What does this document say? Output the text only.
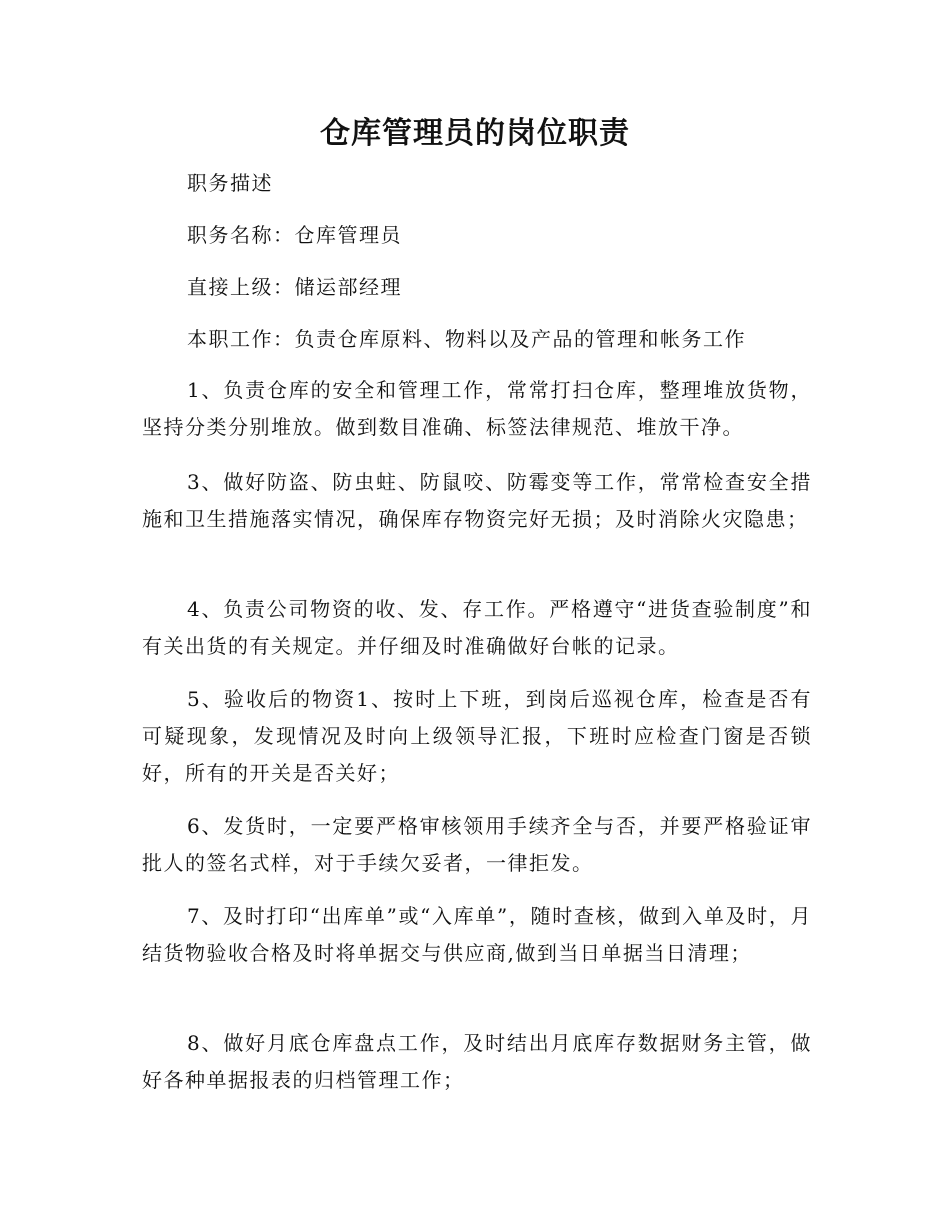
仓库管理员的岗位职责

职务描述

职务名称：仓库管理员

直接上级：储运部经理

本职工作：负责仓库原料、物料以及产品的管理和帐务工作

1、负责仓库的安全和管理工作，常常打扫仓库，整理堆放货物，坚持分类分别堆放。做到数目准确、标签法律规范、堆放干净。

3、做好防盗、防虫蛀、防鼠咬、防霉变等工作，常常检查安全措施和卫生措施落实情况，确保库存物资完好无损；及时消除火灾隐患；

4、负责公司物资的收、发、存工作。严格遵守“进货查验制度”和有关出货的有关规定。并仔细及时准确做好台帐的记录。

5、验收后的物资1、按时上下班，到岗后巡视仓库，检查是否有可疑现象，发现情况及时向上级领导汇报，下班时应检查门窗是否锁好，所有的开关是否关好；

6、发货时，一定要严格审核领用手续齐全与否，并要严格验证审批人的签名式样，对于手续欠妥者，一律拒发。

7、及时打印“出库单”或“入库单”，随时查核，做到入单及时，月结货物验收合格及时将单据交与供应商,做到当日单据当日清理；

8、做好月底仓库盘点工作，及时结出月底库存数据财务主管，做好各种单据报表的归档管理工作；
